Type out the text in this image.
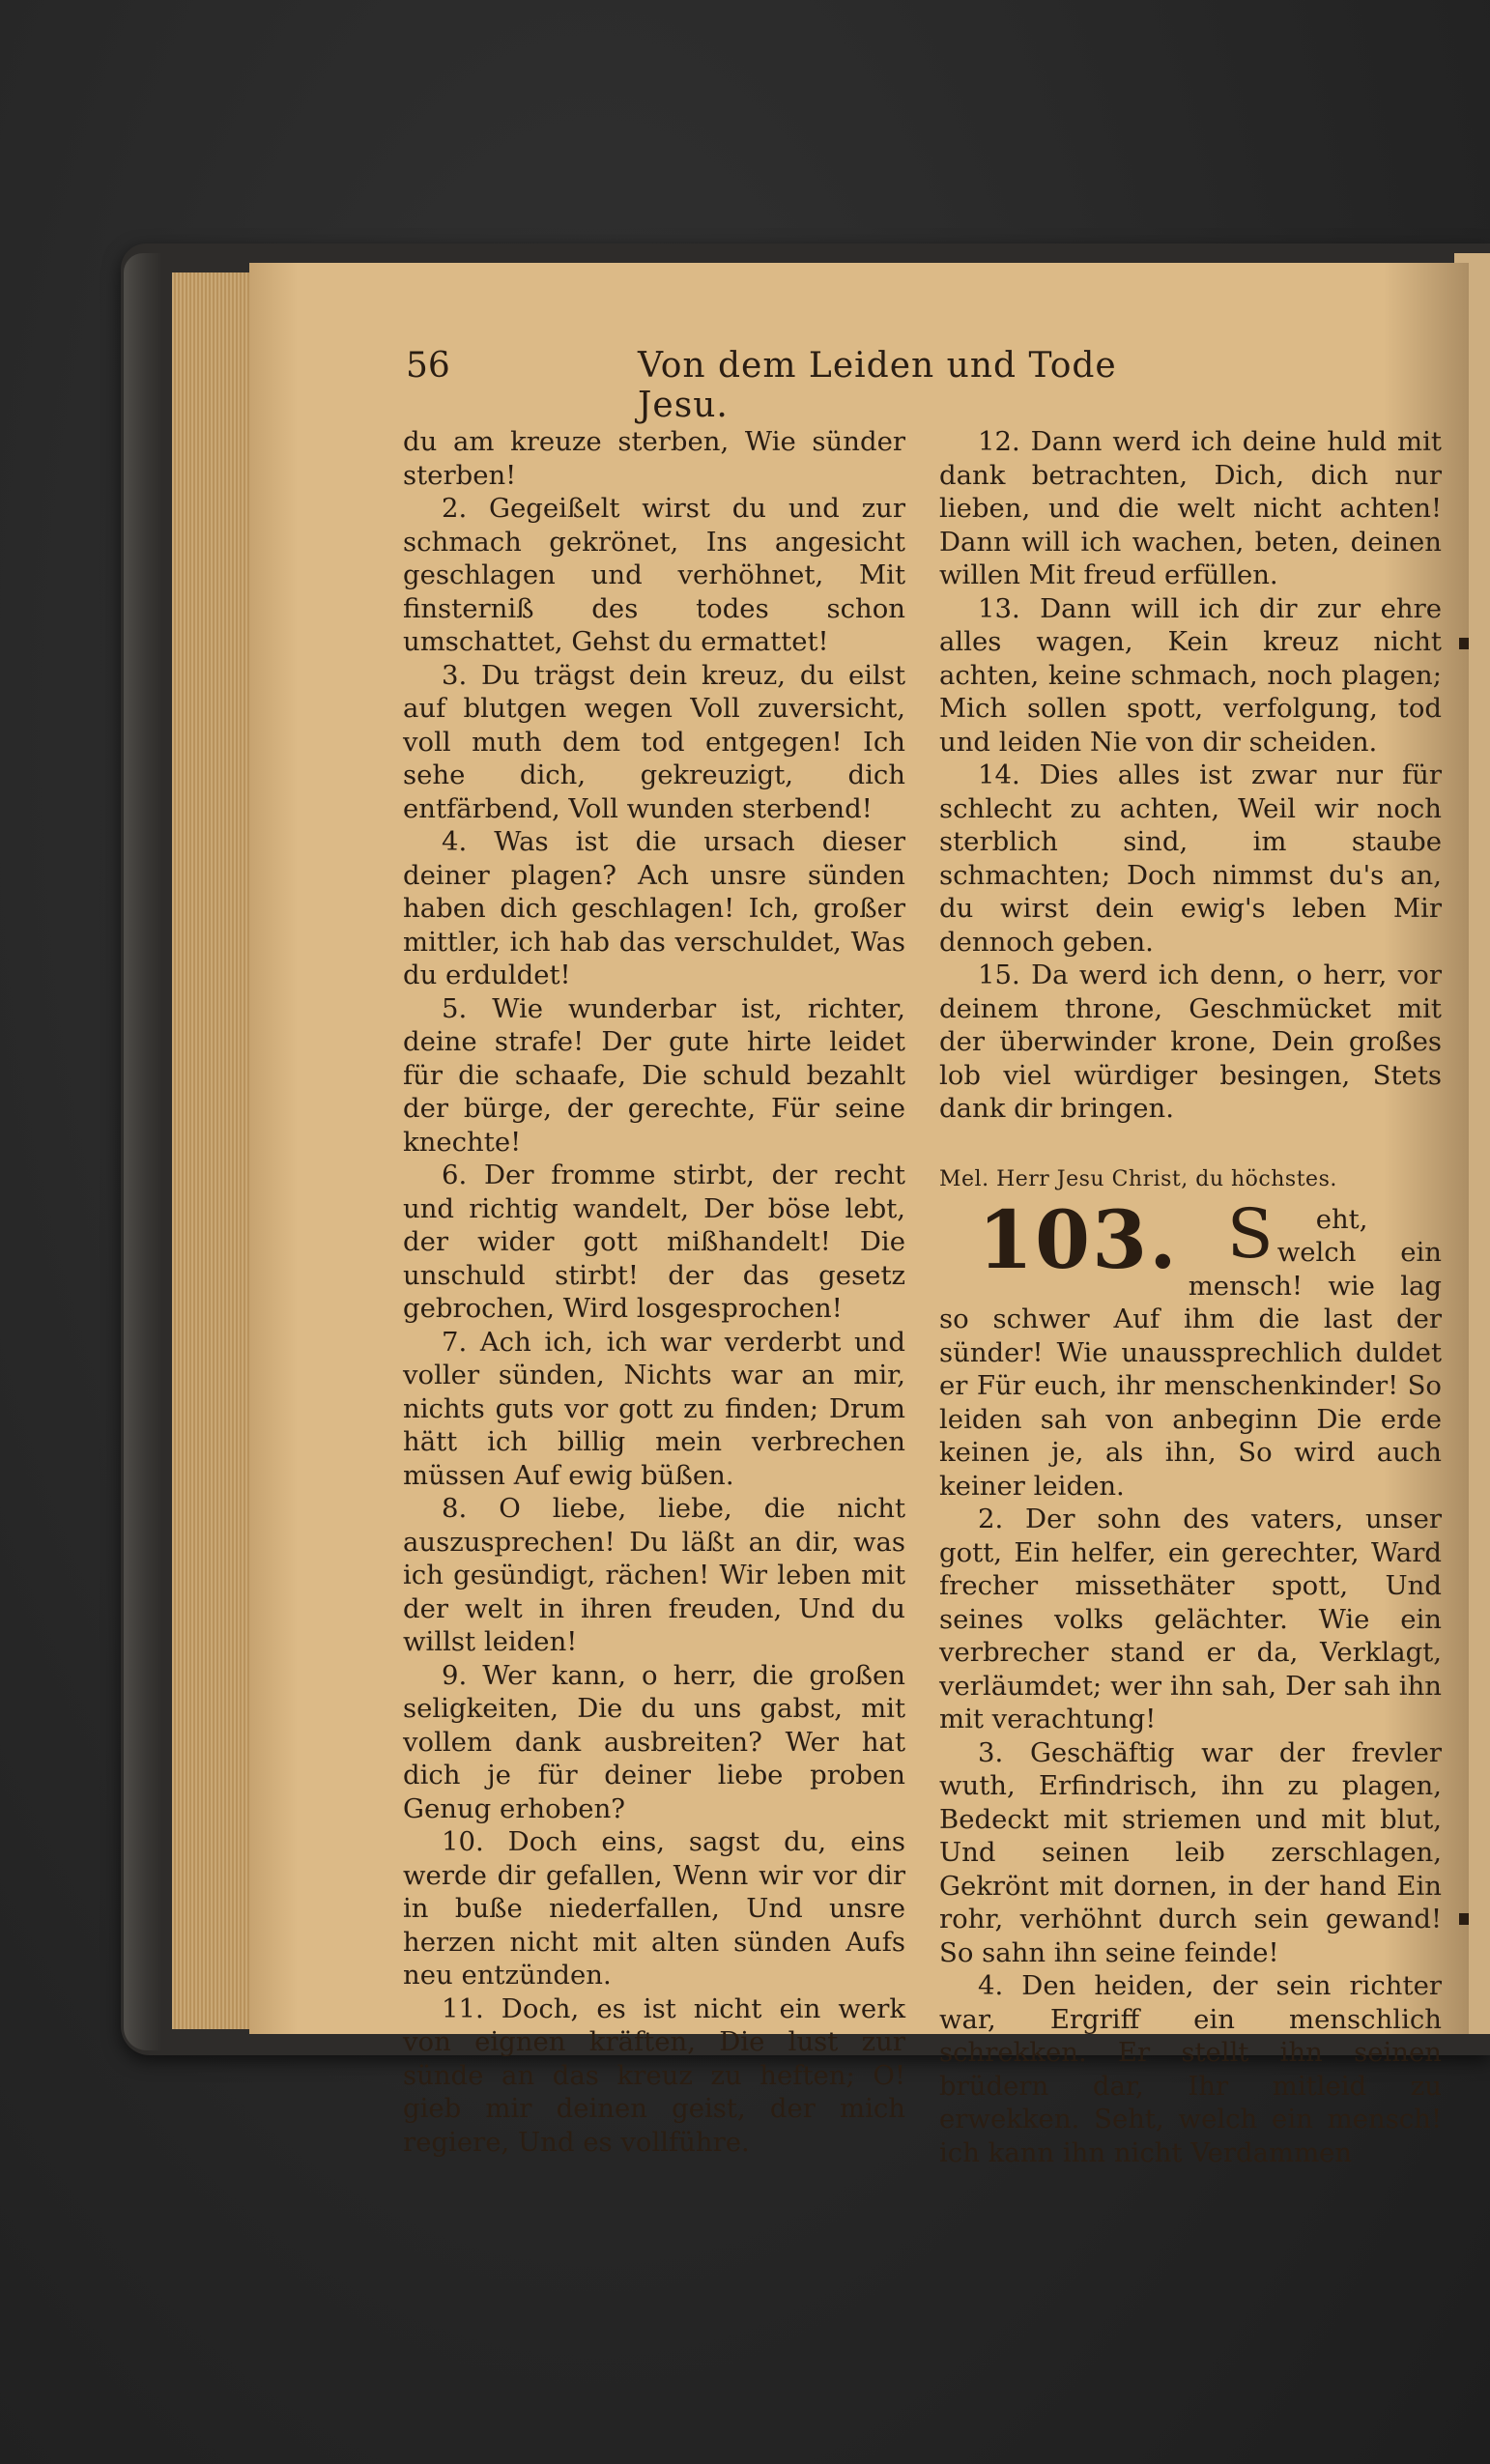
56	Von dem Leiden und Tode Jesu.

du am kreuze sterben, Wie sünder sterben!

2. Gegeißelt wirst du und zur schmach gekrönet, Ins angesicht geschlagen und verhöhnet, Mit finsterniß des todes schon umschattet, Gehst du ermattet!

3. Du trägst dein kreuz, du eilst auf blutgen wegen Voll zuversicht, voll muth dem tod entgegen! Ich sehe dich, gekreuzigt, dich entfärbend, Voll wunden sterbend!

4. Was ist die ursach dieser deiner plagen? Ach unsre sünden haben dich geschlagen! Ich, großer mittler, ich hab das verschuldet, Was du erduldet!

5. Wie wunderbar ist, richter, deine strafe! Der gute hirte leidet für die schaafe, Die schuld bezahlt der bürge, der gerechte, Für seine knechte!

6. Der fromme stirbt, der recht und richtig wandelt, Der böse lebt, der wider gott mißhandelt! Die unschuld stirbt! der das gesetz gebrochen, Wird losgesprochen!

7. Ach ich, ich war verderbt und voller sünden, Nichts war an mir, nichts guts vor gott zu finden; Drum hätt ich billig mein verbrechen müssen Auf ewig büßen.

8. O liebe, liebe, die nicht auszusprechen! Du läßt an dir, was ich gesündigt, rächen! Wir leben mit der welt in ihren freuden, Und du willst leiden!

9. Wer kann, o herr, die großen seligkeiten, Die du uns gabst, mit vollem dank ausbreiten? Wer hat dich je für deiner liebe proben Genug erhoben?

10. Doch eins, sagst du, eins werde dir gefallen, Wenn wir vor dir in buße niederfallen, Und unsre herzen nicht mit alten sünden Aufs neu entzünden.

11. Doch, es ist nicht ein werk von eignen kräften, Die lust zur sünde an das kreuz zu heften; O! gieb mir deinen geist, der mich regiere, Und es vollführe.

12. Dann werd ich deine huld mit dank betrachten, Dich, dich nur lieben, und die welt nicht achten! Dann will ich wachen, beten, deinen willen Mit freud erfüllen.

13. Dann will ich dir zur ehre alles wagen, Kein kreuz nicht achten, keine schmach, noch plagen; Mich sollen spott, verfolgung, tod und leiden Nie von dir scheiden.

14. Dies alles ist zwar nur für schlecht zu achten, Weil wir noch sterblich sind, im staube schmachten; Doch nimmst du's an, du wirst dein ewig's leben Mir dennoch geben.

15. Da werd ich denn, o herr, vor deinem throne, Geschmücket mit der überwinder krone, Dein großes lob viel würdiger besingen, Stets dank dir bringen.

Mel. Herr Jesu Christ, du höchstes.

103. S eht, welch ein mensch! wie lag so schwer Auf ihm die last der sünder! Wie unaussprechlich duldet er Für euch, ihr menschenkinder! So leiden sah von anbeginn Die erde keinen je, als ihn, So wird auch keiner leiden.

2. Der sohn des vaters, unser gott, Ein helfer, ein gerechter, Ward frecher missethäter spott, Und seines volks gelächter. Wie ein verbrecher stand er da, Verklagt, verläumdet; wer ihn sah, Der sah ihn mit verachtung!

3. Geschäftig war der frevler wuth, Erfindrisch, ihn zu plagen, Bedeckt mit striemen und mit blut, Und seinen leib zerschlagen, Gekrönt mit dornen, in der hand Ein rohr, verhöhnt durch sein gewand! So sahn ihn seine feinde!

4. Den heiden, der sein richter war, Ergriff ein menschlich schrekken. Er stellt ihn seinen brüdern dar, Ihr mitleid zu erwekken. Seht, welch ein mensch! ich kann ihn nicht Verdammen
